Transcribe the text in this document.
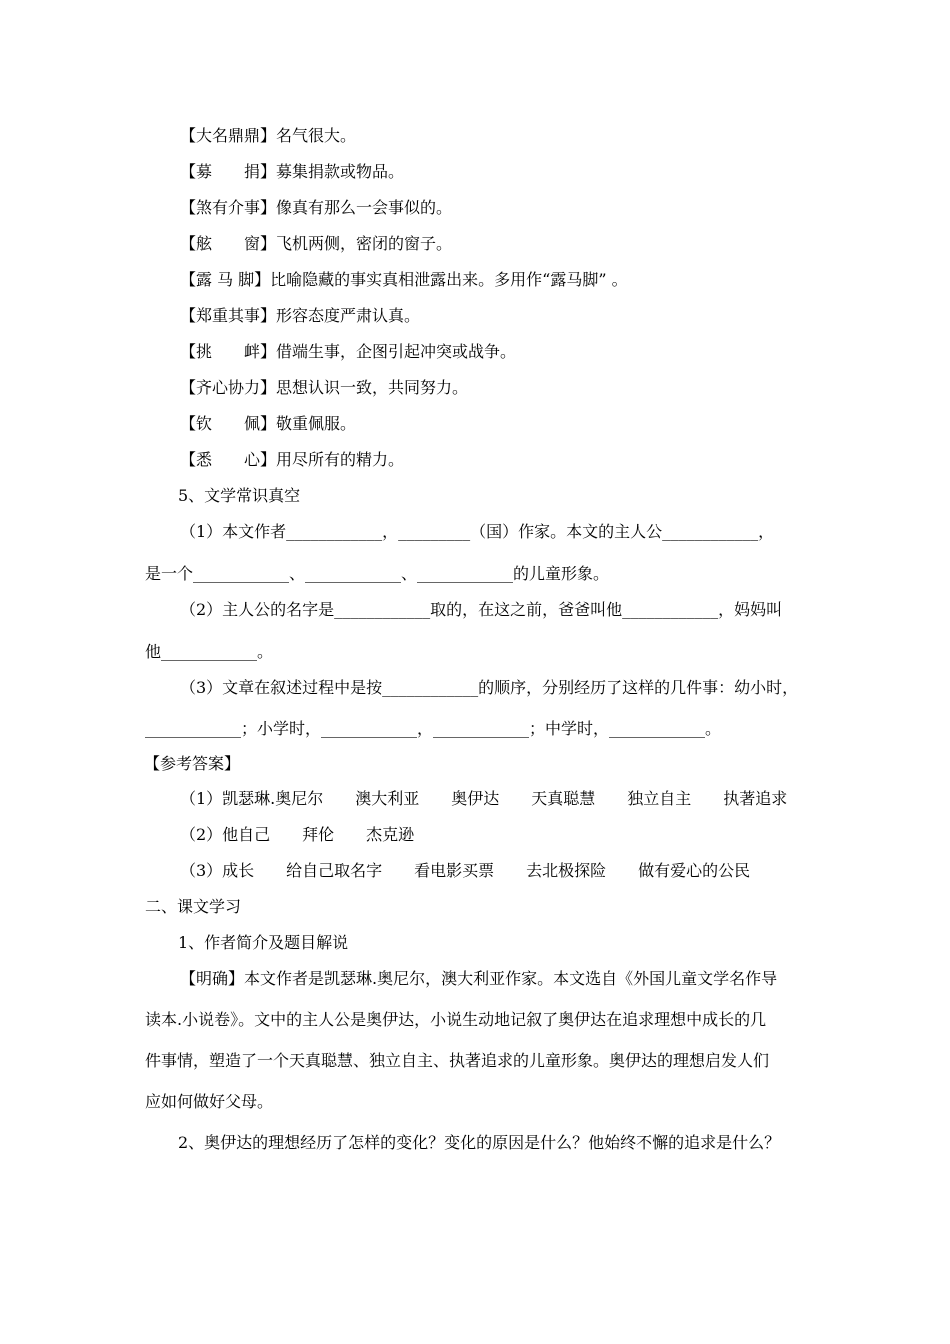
【大名鼎鼎】名气很大。
【募　　捐】募集捐款或物品。
【煞有介事】像真有那么一会事似的。
【舷　　窗】飞机两侧，密闭的窗子。
【露 马 脚】比喻隐藏的事实真相泄露出来。多用作“露马脚” 。
【郑重其事】形容态度严肃认真。
【挑　　衅】借端生事，企图引起冲突或战争。
【齐心协力】思想认识一致，共同努力。
【钦　　佩】敬重佩服。
【悉　　心】用尽所有的精力。
5、文学常识真空
（1）本文作者____________，_________（国）作家。本文的主人公____________，
是一个____________、____________、____________的儿童形象。
（2）主人公的名字是____________取的，在这之前，爸爸叫他____________，妈妈叫
他____________。
（3）文章在叙述过程中是按____________的顺序，分别经历了这样的几件事：幼小时，
____________；小学时，____________，____________；中学时，____________。
【参考答案】
（1）凯瑟琳.奥尼尔　　澳大利亚　　奥伊达　　天真聪慧　　独立自主　　执著追求
（2）他自己　　拜伦　　杰克逊
（3）成长　　给自己取名字　　看电影买票　　去北极探险　　做有爱心的公民
二、课文学习
1、作者简介及题目解说
【明确】本文作者是凯瑟琳.奥尼尔，澳大利亚作家。本文选自《外国儿童文学名作导
读本.小说卷》。文中的主人公是奥伊达，小说生动地记叙了奥伊达在追求理想中成长的几
件事情，塑造了一个天真聪慧、独立自主、执著追求的儿童形象。奥伊达的理想启发人们
应如何做好父母。
2、奥伊达的理想经历了怎样的变化？变化的原因是什么？他始终不懈的追求是什么？
